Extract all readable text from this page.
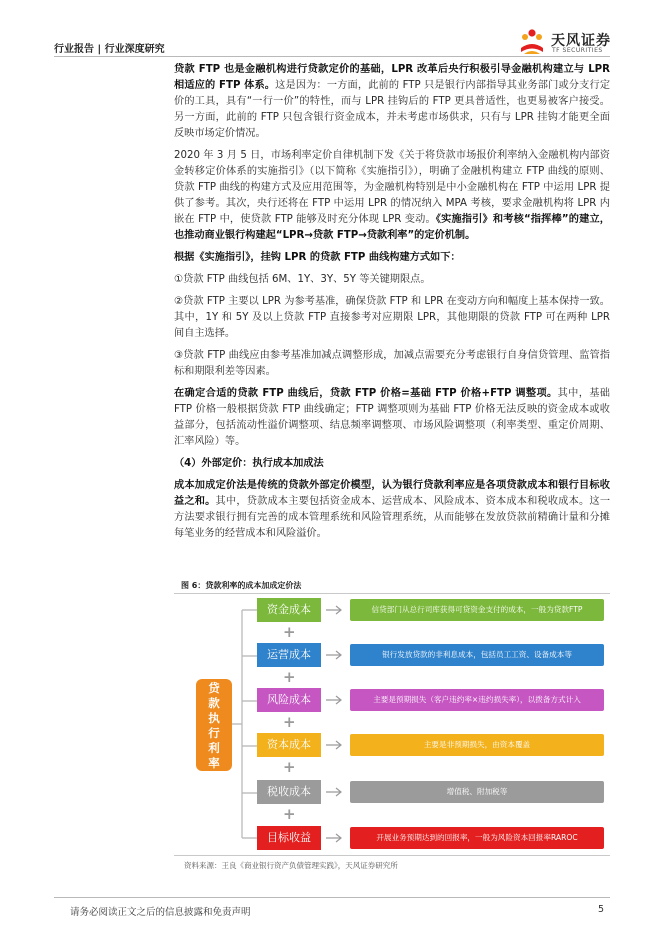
行业报告 | 行业深度研究
天风证券
TF SECURITIES

贷款 FTP 也是金融机构进行贷款定价的基础，LPR 改革后央行积极引导金融机构建立与 LPR 相适应的 FTP 体系。这是因为：一方面，此前的 FTP 只是银行内部指导其业务部门或分支行定价的工具，具有“一行一价”的特性，而与 LPR 挂钩后的 FTP 更具普适性，也更易被客户接受。另一方面，此前的 FTP 只包含银行资金成本，并未考虑市场供求，只有与 LPR 挂钩才能更全面反映市场定价情况。

2020 年 3 月 5 日，市场利率定价自律机制下发《关于将贷款市场报价利率纳入金融机构内部资金转移定价体系的实施指引》（以下简称《实施指引》），明确了金融机构建立 FTP 曲线的原则、贷款 FTP 曲线的构建方式及应用范围等，为金融机构特别是中小金融机构在 FTP 中运用 LPR 提供了参考。其次，央行还将在 FTP 中运用 LPR 的情况纳入 MPA 考核，要求金融机构将 LPR 内嵌在 FTP 中，使贷款 FTP 能够及时充分体现 LPR 变动。《实施指引》和考核“指挥棒”的建立，也推动商业银行构建起“LPR→贷款 FTP→贷款利率”的定价机制。

根据《实施指引》，挂钩 LPR 的贷款 FTP 曲线构建方式如下：

①贷款 FTP 曲线包括 6M、1Y、3Y、5Y 等关键期限点。

②贷款 FTP 主要以 LPR 为参考基准，确保贷款 FTP 和 LPR 在变动方向和幅度上基本保持一致。其中，1Y 和 5Y 及以上贷款 FTP 直接参考对应期限 LPR，其他期限的贷款 FTP 可在两种 LPR 间自主选择。

③贷款 FTP 曲线应由参考基准加减点调整形成，加减点需要充分考虑银行自身信贷管理、监管指标和期限利差等因素。

在确定合适的贷款 FTP 曲线后，贷款 FTP 价格=基础 FTP 价格+FTP 调整项。其中，基础 FTP 价格一般根据贷款 FTP 曲线确定；FTP 调整项则为基础 FTP 价格无法反映的资金成本或收益部分，包括流动性溢价调整项、结息频率调整项、市场风险调整项（利率类型、重定价周期、汇率风险）等。

（4）外部定价：执行成本加成法

成本加成定价法是传统的贷款外部定价模型，认为银行贷款利率应是各项贷款成本和银行目标收益之和。其中，贷款成本主要包括资金成本、运营成本、风险成本、资本成本和税收成本。这一方法要求银行拥有完善的成本管理系统和风险管理系统，从而能够在发放贷款前精确计量和分摊每笔业务的经营成本和风险溢价。

图 6：贷款利率的成本加成定价法
贷
款
执
行
利
率
资金成本
运营成本
风险成本
资本成本
税收成本
目标收益
信贷部门从总行司库获得可贷资金支付的成本，一般为贷款FTP
银行发放贷款的非利息成本，包括员工工资、设备成本等
主要是预期损失（客户违约率×违约损失率），以拨备方式计入
主要是非预期损失，由资本覆盖
增值税、附加税等
开展业务预期达到的回报率，一般为风险资本回报率RAROC
+
+
+
+
+
资料来源：王良《商业银行资产负债管理实践》，天风证券研究所
请务必阅读正文之后的信息披露和免责声明	5
